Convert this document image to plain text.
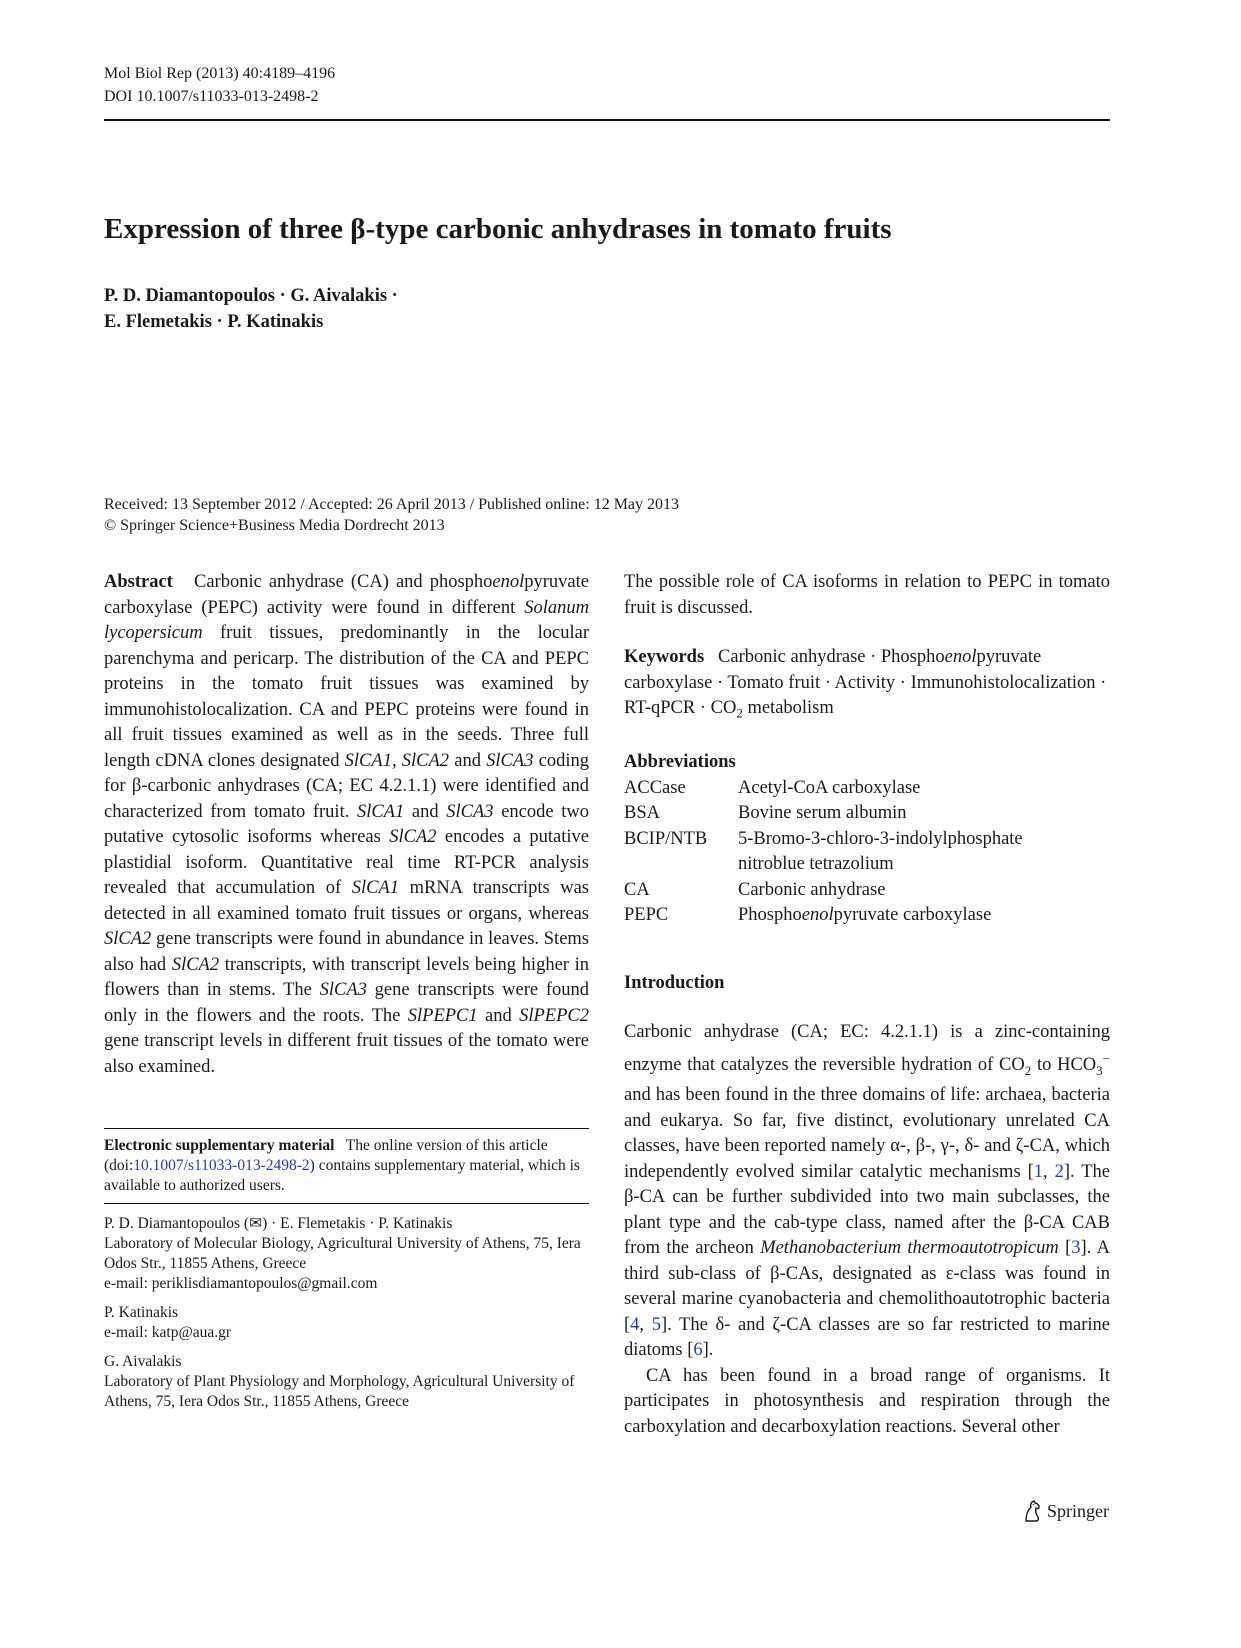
Mol Biol Rep (2013) 40:4189–4196
DOI 10.1007/s11033-013-2498-2
Expression of three β-type carbonic anhydrases in tomato fruits
P. D. Diamantopoulos · G. Aivalakis ·
E. Flemetakis · P. Katinakis
Received: 13 September 2012 / Accepted: 26 April 2013 / Published online: 12 May 2013
© Springer Science+Business Media Dordrecht 2013

Abstract   Carbonic anhydrase (CA) and phosphoenolpyruvate carboxylase (PEPC) activity were found in different Solanum lycopersicum fruit tissues, predominantly in the locular parenchyma and pericarp. The distribution of the CA and PEPC proteins in the tomato fruit tissues was examined by immunohistolocalization. CA and PEPC proteins were found in all fruit tissues examined as well as in the seeds. Three full length cDNA clones designated SlCA1, SlCA2 and SlCA3 coding for β-carbonic anhydrases (CA; EC 4.2.1.1) were identified and characterized from tomato fruit. SlCA1 and SlCA3 encode two putative cytosolic isoforms whereas SlCA2 encodes a putative plastidial isoform. Quantitative real time RT-PCR analysis revealed that accumulation of SlCA1 mRNA transcripts was detected in all examined tomato fruit tissues or organs, whereas SlCA2 gene transcripts were found in abundance in leaves. Stems also had SlCA2 transcripts, with transcript levels being higher in flowers than in stems. The SlCA3 gene transcripts were found only in the flowers and the roots. The SlPEPC1 and SlPEPC2 gene transcript levels in different fruit tissues of the tomato were also examined.

Electronic supplementary material   The online version of this article (doi:10.1007/s11033-013-2498-2) contains supplementary material, which is available to authorized users.

P. D. Diamantopoulos (✉) · E. Flemetakis · P. Katinakis

Laboratory of Molecular Biology, Agricultural University of Athens, 75, Iera Odos Str., 11855 Athens, Greece

e-mail: periklisdiamantopoulos@gmail.com

P. Katinakis

e-mail: katp@aua.gr

G. Aivalakis

Laboratory of Plant Physiology and Morphology, Agricultural University of Athens, 75, Iera Odos Str., 11855 Athens, Greece

The possible role of CA isoforms in relation to PEPC in tomato fruit is discussed.

Keywords   Carbonic anhydrase · Phosphoenolpyruvate carboxylase · Tomato fruit · Activity · Immunohistolocalization · RT-qPCR · $CO_2$ metabolism

Abbreviations

ACCase	Acetyl-CoA carboxylase
BSA	Bovine serum albumin
BCIP/NTB	5-Bromo-3-chloro-3-indolylphosphate nitroblue tetrazolium
CA	Carbonic anhydrase
PEPC	Phosphoenolpyruvate carboxylase

Introduction

Carbonic anhydrase (CA; EC: 4.2.1.1) is a zinc-containing enzyme that catalyzes the reversible hydration of $CO_2$ to $HCO_3^-$ and has been found in the three domains of life: archaea, bacteria and eukarya. So far, five distinct, evolutionary unrelated CA classes, have been reported namely α-, β-, γ-, δ- and ζ-CA, which independently evolved similar catalytic mechanisms [1, 2]. The β-CA can be further subdivided into two main subclasses, the plant type and the cab-type class, named after the β-CA CAB from the archeon Methanobacterium thermoautotropicum [3]. A third sub-class of β-CAs, designated as ε-class was found in several marine cyanobacteria and chemolithoautotrophic bacteria [4, 5]. The δ- and ζ-CA classes are so far restricted to marine diatoms [6].

CA has been found in a broad range of organisms. It participates in photosynthesis and respiration through the carboxylation and decarboxylation reactions. Several other

Springer
